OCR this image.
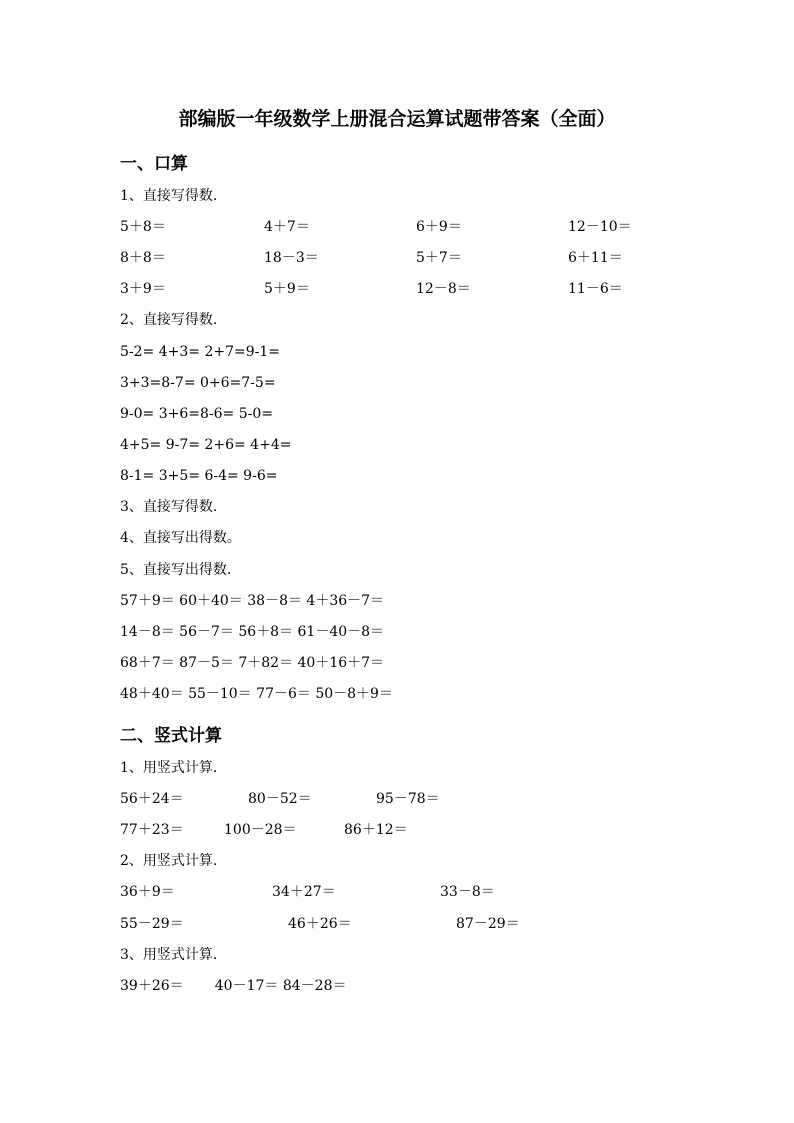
部编版一年级数学上册混合运算试题带答案（全面）
一、口算
1、直接写得数.
5＋8＝	4＋7＝	6＋9＝	12－10＝
8＋8＝	18－3＝	5＋7＝	6＋11＝
3＋9＝	5＋9＝	12－8＝	11－6＝
2、直接写得数.
5-2= 4+3= 2+7=9-1=
3+3=8-7= 0+6=7-5=
9-0= 3+6=8-6= 5-0=
4+5= 9-7= 2+6= 4+4=
8-1= 3+5= 6-4= 9-6=
3、直接写得数.
4、直接写出得数。
5、直接写出得数.
57＋9＝ 60＋40＝ 38－8＝ 4＋36－7＝
14－8＝ 56－7＝ 56＋8＝ 61－40－8＝
68＋7＝ 87－5＝ 7＋82＝ 40＋16＋7＝
48＋40＝ 55－10＝ 77－6＝ 50－8＋9＝
二、竖式计算
1、用竖式计算.
56＋24＝	80－52＝	95－78＝
77＋23＝	100－28＝	86＋12＝
2、用竖式计算.
36＋9＝	34＋27＝	33－8＝
55－29＝	46＋26＝	87－29＝
3、用竖式计算.
39＋26＝       40－17＝ 84－28＝
